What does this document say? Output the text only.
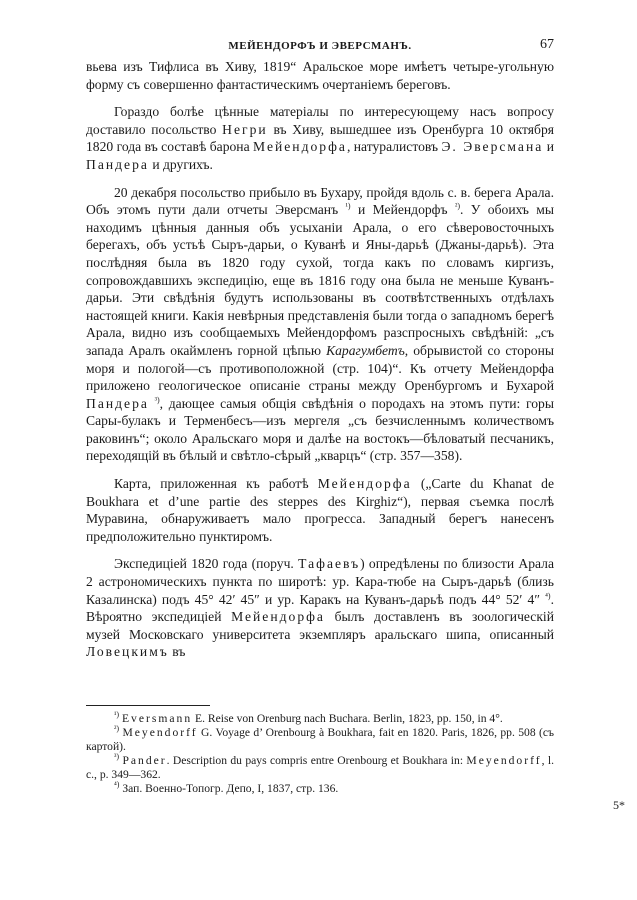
МЕЙЕНДОРФЪ И ЭВЕРСМАНЪ.	67

вьева изъ Тифлиса въ Хиву, 1819“ Аральское море имѣетъ четыре-угольную форму съ совершенно фантастическимъ очертаніемъ береговъ.

Гораздо болѣе цѣнные матеріалы по интересующему насъ вопросу доставило посольство Негри въ Хиву, вышедшее изъ Оренбурга 10 октября 1820 года въ составѣ барона Мейендорфа, натуралистовъ Э. Эверсмана и Пандера и другихъ.

20 декабря посольство прибыло въ Бухару, пройдя вдоль с. в. берега Арала. Объ этомъ пути дали отчеты Эверсманъ $^{^1)}$ и Мейендорфъ $^{^2)}$. У обоихъ мы находимъ цѣнныя данныя объ усыханіи Арала, о его сѣверовосточныхъ берегахъ, объ устьѣ Сыръ-дарьи, о Куванѣ и Яны-дарьѣ (Джаны-дарьѣ). Эта послѣдняя была въ 1820 году сухой, тогда какъ по словамъ киргизъ, сопровождавшихъ экспедицію, еще въ 1816 году она была не меньше Куванъ-дарьи. Эти свѣдѣнія будутъ использованы въ соотвѣтственныхъ отдѣлахъ настоящей книги. Какія невѣрныя представленія были тогда о западномъ берегѣ Арала, видно изъ сообщаемыхъ Мейендорфомъ разспросныхъ свѣдѣній: „съ запада Аралъ окаймленъ горной цѣпью Карагумбетъ, обрывистой со стороны моря и пологой—съ противоположной (стр. 104)“. Къ отчету Мейендорфа приложено геологическое описаніе страны между Оренбургомъ и Бухарой Пандера $^{^3)}$, дающее самыя общія свѣдѣнія о породахъ на этомъ пути: горы Сары-булакъ и Терменбесъ—изъ мергеля „съ безчисленнымъ количествомъ раковинъ“; около Аральскаго моря и далѣе на востокъ—бѣловатый песчаникъ, переходящій въ бѣлый и свѣтло-сѣрый „кварцъ“ (стр. 357—358).

Карта, приложенная къ работѣ Мейендорфа („Carte du Khanat de Boukhara et d’une partie des steppes des Kirghiz“), первая съемка послѣ Муравина, обнаруживаетъ мало прогресса. Западный берегъ нанесенъ предположительно пунктиромъ.

Экспедиціей 1820 года (поруч. Тафаевъ) опредѣлены по близости Арала 2 астрономическихъ пункта по широтѣ: ур. Кара-тюбе на Сыръ-дарьѣ (близь Казалинска) подъ 45° 42′ 45″ и ур. Каракъ на Куванъ-дарьѣ подъ 44° 52′ 4″ $^{^4)}$. Вѣроятно экспедиціей Мейендорфа былъ доставленъ въ зоологическій музей Московскаго университета экземпляръ аральскаго шипа, описанный Ловецкимъ въ

$^{^1)}$ Eversmann E. Reise von Orenburg nach Buchara. Berlin, 1823, pp. 150, in 4°.

$^{^2)}$ Meyendorff G. Voyage d’ Orenbourg à Boukhara, fait en 1820. Paris, 1826, pp. 508 (съ картой).

$^{^3)}$ Pander. Description du pays compris entre Orenbourg et Boukhara in: Meyendorff, l. c., p. 349—362.

$^{^4)}$ Зап. Военно-Топогр. Депо, I, 1837, стр. 136.

5*
